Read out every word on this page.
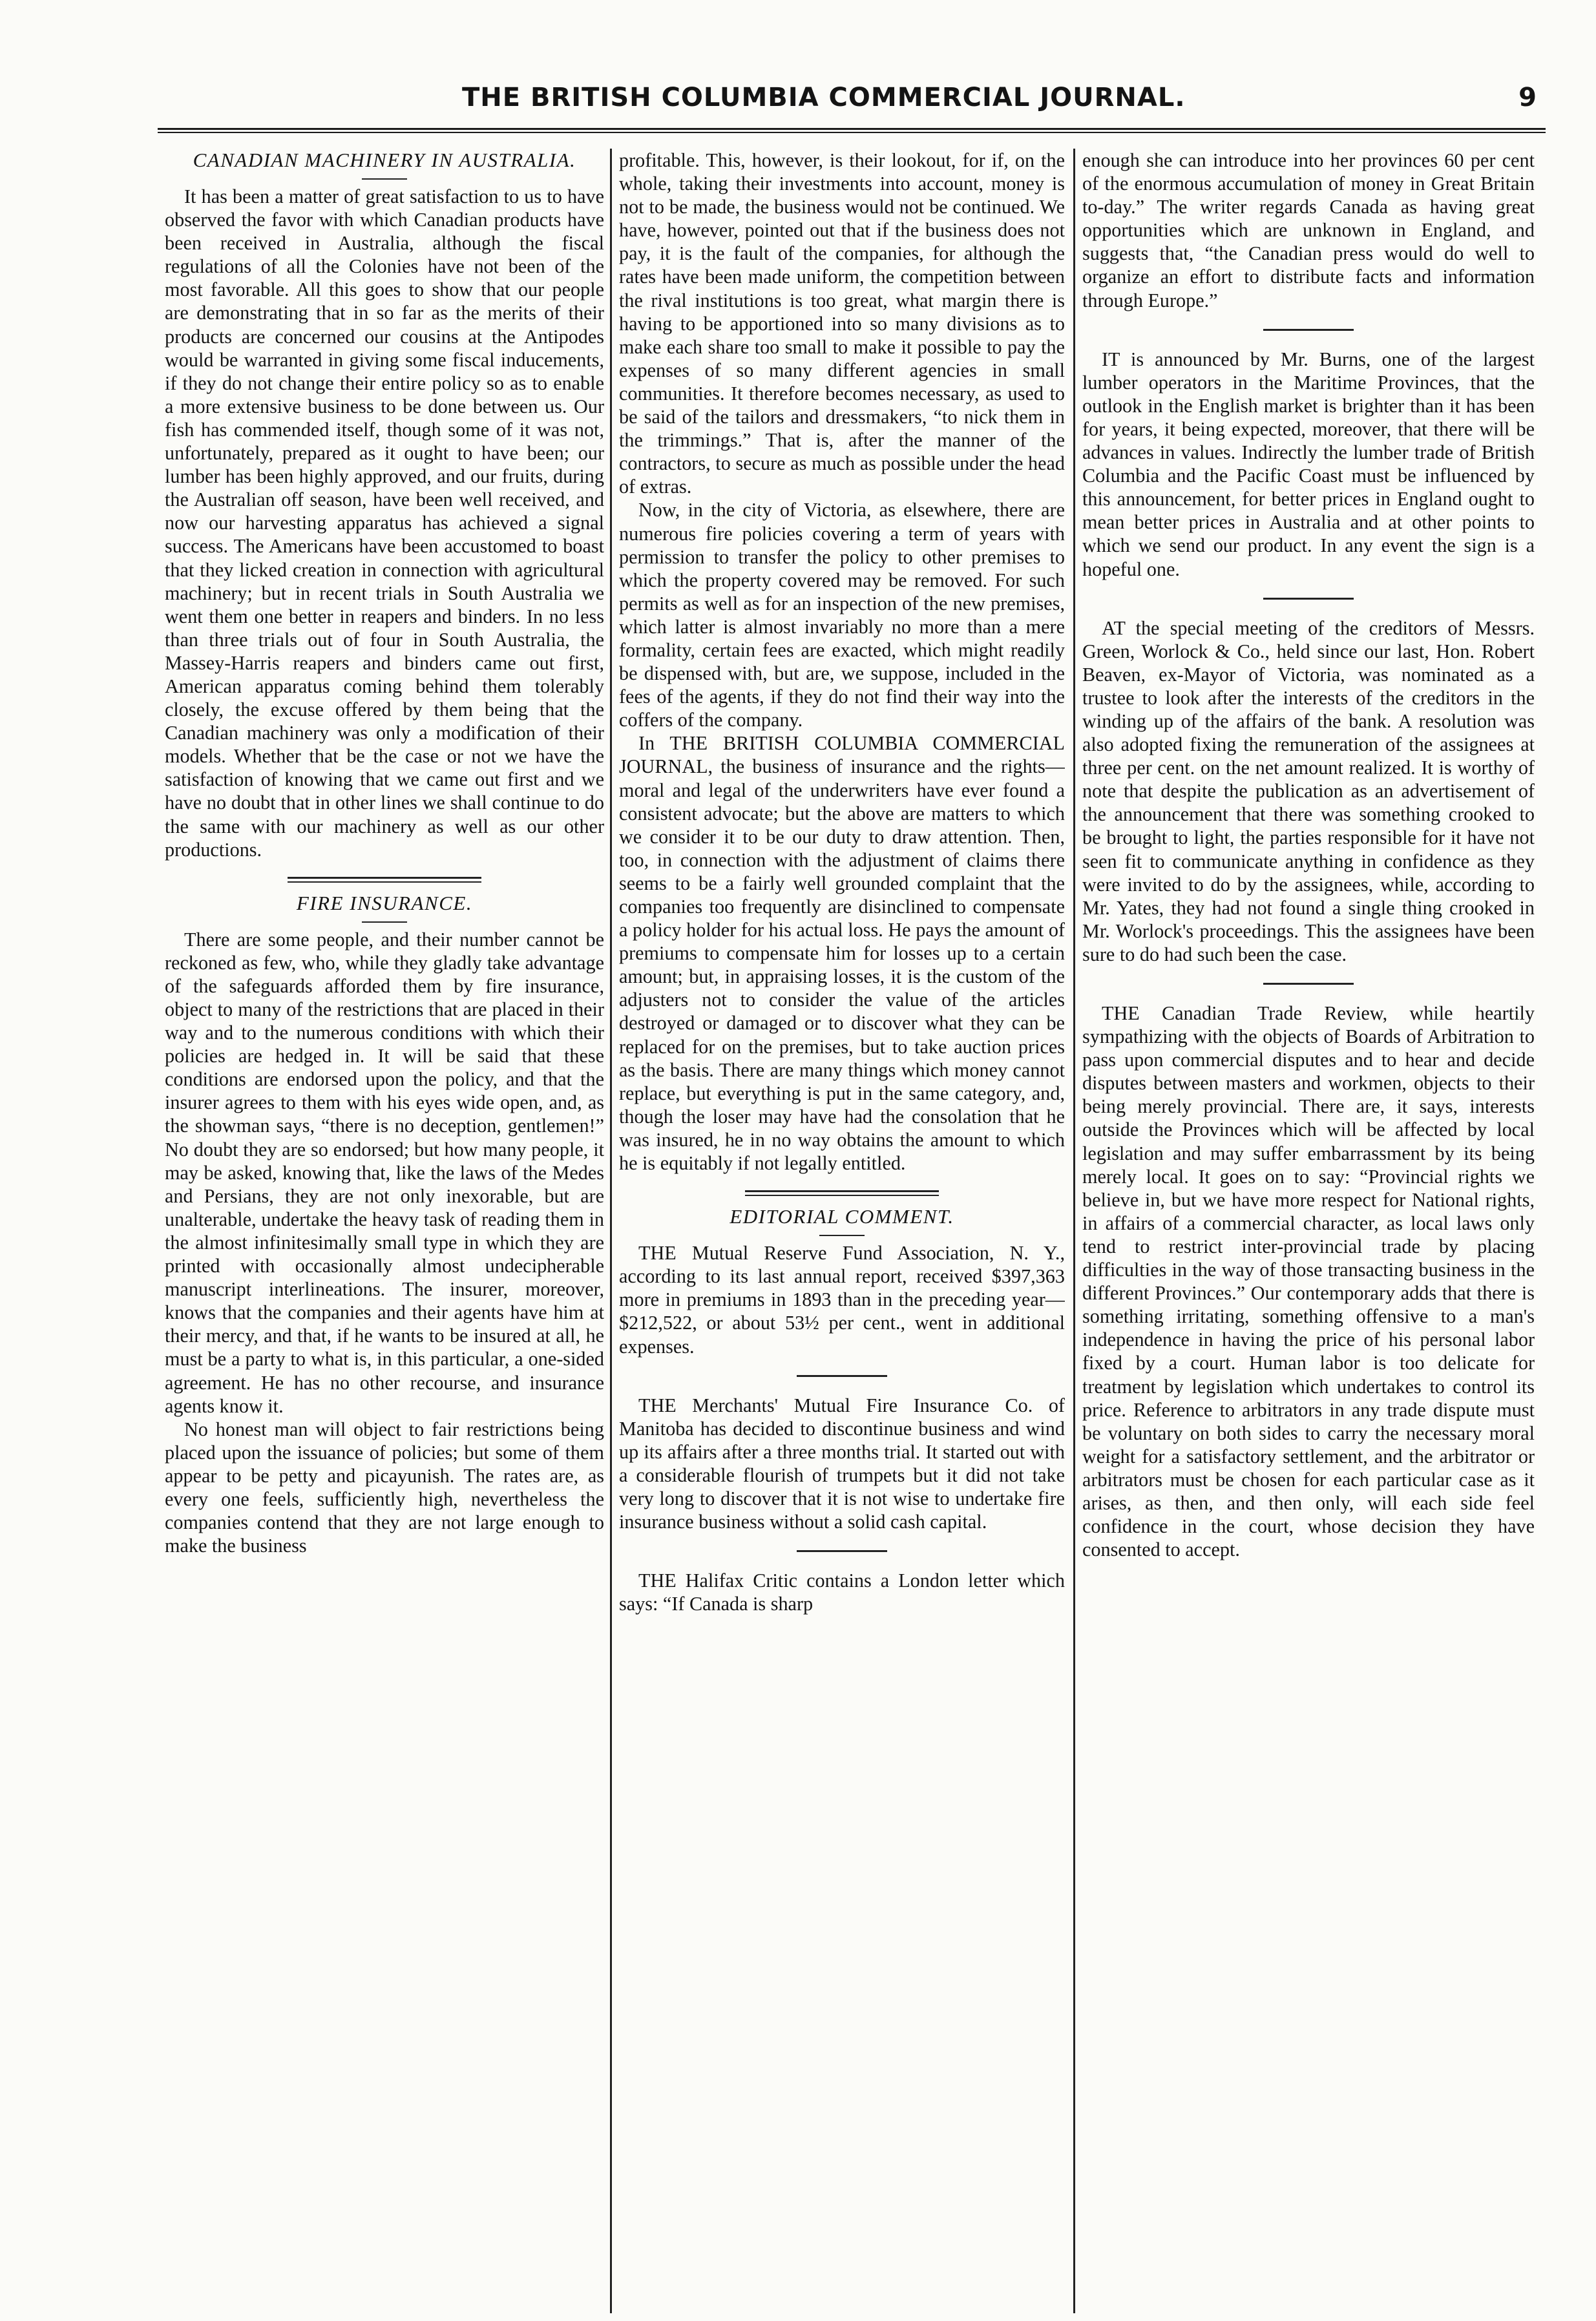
THE BRITISH COLUMBIA COMMERCIAL JOURNAL.	9
CANADIAN MACHINERY IN AUSTRALIA.

It has been a matter of great satisfaction to us to have observed the favor with which Canadian products have been received in Australia, although the fiscal regulations of all the Colonies have not been of the most favorable. All this goes to show that our people are demonstrating that in so far as the merits of their products are concerned our cousins at the Antipodes would be warranted in giving some fiscal inducements, if they do not change their entire policy so as to enable a more extensive business to be done between us. Our fish has commended itself, though some of it was not, unfortunately, prepared as it ought to have been; our lumber has been highly approved, and our fruits, during the Australian off season, have been well received, and now our harvesting apparatus has achieved a signal success. The Americans have been accustomed to boast that they licked creation in connection with agricultural machinery; but in recent trials in South Australia we went them one better in reapers and binders. In no less than three trials out of four in South Australia, the Massey-Harris reapers and binders came out first, American apparatus coming behind them tolerably closely, the excuse offered by them being that the Canadian machinery was only a modification of their models. Whether that be the case or not we have the satisfaction of knowing that we came out first and we have no doubt that in other lines we shall continue to do the same with our machinery as well as our other productions.

FIRE INSURANCE.

There are some people, and their number cannot be reckoned as few, who, while they gladly take advantage of the safeguards afforded them by fire insurance, object to many of the restrictions that are placed in their way and to the numerous conditions with which their policies are hedged in. It will be said that these conditions are endorsed upon the policy, and that the insurer agrees to them with his eyes wide open, and, as the showman says, “there is no deception, gentlemen!” No doubt they are so endorsed; but how many people, it may be asked, knowing that, like the laws of the Medes and Persians, they are not only inexorable, but are unalterable, undertake the heavy task of reading them in the almost infinitesimally small type in which they are printed with occasionally almost undecipherable manuscript interlineations. The insurer, moreover, knows that the companies and their agents have him at their mercy, and that, if he wants to be insured at all, he must be a party to what is, in this particular, a one-sided agreement. He has no other recourse, and insurance agents know it.

No honest man will object to fair restrictions being placed upon the issuance of policies; but some of them appear to be petty and picayunish. The rates are, as every one feels, sufficiently high, nevertheless the companies contend that they are not large enough to make the business

profitable. This, however, is their lookout, for if, on the whole, taking their investments into account, money is not to be made, the business would not be continued. We have, however, pointed out that if the business does not pay, it is the fault of the companies, for although the rates have been made uniform, the competition between the rival institutions is too great, what margin there is having to be apportioned into so many divisions as to make each share too small to make it possible to pay the expenses of so many different agencies in small communities. It therefore becomes necessary, as used to be said of the tailors and dressmakers, “to nick them in the trimmings.” That is, after the manner of the contractors, to secure as much as possible under the head of extras.

Now, in the city of Victoria, as elsewhere, there are numerous fire policies covering a term of years with permission to transfer the policy to other premises to which the property covered may be removed. For such permits as well as for an inspection of the new premises, which latter is almost invariably no more than a mere formality, certain fees are exacted, which might readily be dispensed with, but are, we suppose, included in the fees of the agents, if they do not find their way into the coffers of the company.

In THE BRITISH COLUMBIA COMMERCIAL JOURNAL, the business of insurance and the rights—moral and legal of the underwriters have ever found a consistent advocate; but the above are matters to which we consider it to be our duty to draw attention. Then, too, in connection with the adjustment of claims there seems to be a fairly well grounded complaint that the companies too frequently are disinclined to compensate a policy holder for his actual loss. He pays the amount of premiums to compensate him for losses up to a certain amount; but, in appraising losses, it is the custom of the adjusters not to consider the value of the articles destroyed or damaged or to discover what they can be replaced for on the premises, but to take auction prices as the basis. There are many things which money cannot replace, but everything is put in the same category, and, though the loser may have had the consolation that he was insured, he in no way obtains the amount to which he is equitably if not legally entitled.

EDITORIAL COMMENT.

THE Mutual Reserve Fund Association, N. Y., according to its last annual report, received $397,363 more in premiums in 1893 than in the preceding year—$212,522, or about 53½ per cent., went in additional expenses.

THE Merchants' Mutual Fire Insurance Co. of Manitoba has decided to discontinue business and wind up its affairs after a three months trial. It started out with a considerable flourish of trumpets but it did not take very long to discover that it is not wise to undertake fire insurance business without a solid cash capital.

THE Halifax Critic contains a London letter which says: “If Canada is sharp

enough she can introduce into her provinces 60 per cent of the enormous accumulation of money in Great Britain to-day.” The writer regards Canada as having great opportunities which are unknown in England, and suggests that, “the Canadian press would do well to organize an effort to distribute facts and information through Europe.”

IT is announced by Mr. Burns, one of the largest lumber operators in the Maritime Provinces, that the outlook in the English market is brighter than it has been for years, it being expected, moreover, that there will be advances in values. Indirectly the lumber trade of British Columbia and the Pacific Coast must be influenced by this announcement, for better prices in England ought to mean better prices in Australia and at other points to which we send our product. In any event the sign is a hopeful one.

AT the special meeting of the creditors of Messrs. Green, Worlock & Co., held since our last, Hon. Robert Beaven, ex-Mayor of Victoria, was nominated as a trustee to look after the interests of the creditors in the winding up of the affairs of the bank. A resolution was also adopted fixing the remuneration of the assignees at three per cent. on the net amount realized. It is worthy of note that despite the publication as an advertisement of the announcement that there was something crooked to be brought to light, the parties responsible for it have not seen fit to communicate anything in confidence as they were invited to do by the assignees, while, according to Mr. Yates, they had not found a single thing crooked in Mr. Worlock's proceedings. This the assignees have been sure to do had such been the case.

THE Canadian Trade Review, while heartily sympathizing with the objects of Boards of Arbitration to pass upon commercial disputes and to hear and decide disputes between masters and workmen, objects to their being merely provincial. There are, it says, interests outside the Provinces which will be affected by local legislation and may suffer embarrassment by its being merely local. It goes on to say: “Provincial rights we believe in, but we have more respect for National rights, in affairs of a commercial character, as local laws only tend to restrict inter-provincial trade by placing difficulties in the way of those transacting business in the different Provinces.” Our contemporary adds that there is something irritating, something offensive to a man's independence in having the price of his personal labor fixed by a court. Human labor is too delicate for treatment by legislation which undertakes to control its price. Reference to arbitrators in any trade dispute must be voluntary on both sides to carry the necessary moral weight for a satisfactory settlement, and the arbitrator or arbitrators must be chosen for each particular case as it arises, as then, and then only, will each side feel confidence in the court, whose decision they have consented to accept.
